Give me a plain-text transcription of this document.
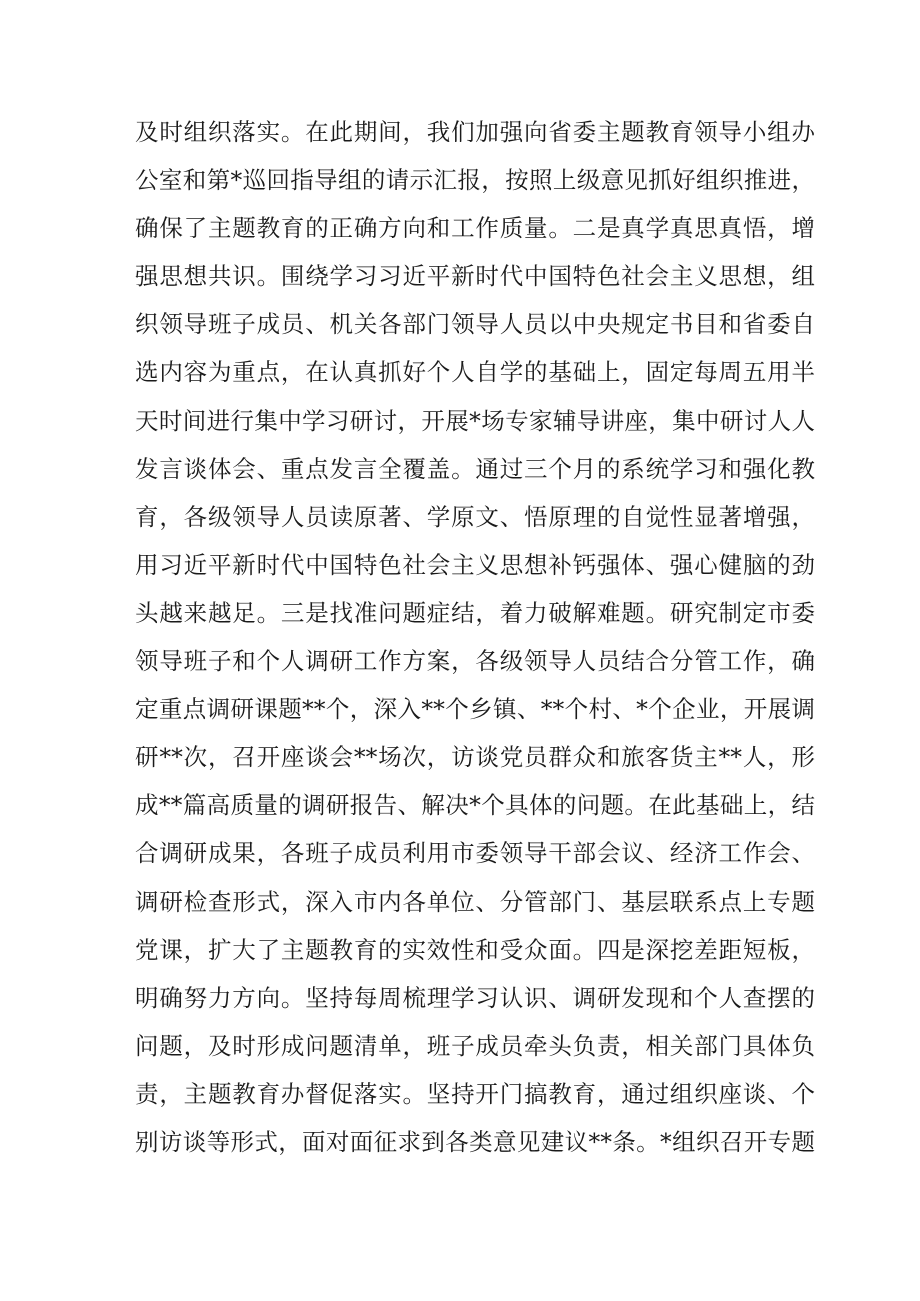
及时组织落实。在此期间，我们加强向省委主题教育领导小组办
公室和第*巡回指导组的请示汇报，按照上级意见抓好组织推进，
确保了主题教育的正确方向和工作质量。二是真学真思真悟，增
强思想共识。围绕学习习近平新时代中国特色社会主义思想，组
织领导班子成员、机关各部门领导人员以中央规定书目和省委自
选内容为重点，在认真抓好个人自学的基础上，固定每周五用半
天时间进行集中学习研讨，开展*场专家辅导讲座，集中研讨人人
发言谈体会、重点发言全覆盖。通过三个月的系统学习和强化教
育，各级领导人员读原著、学原文、悟原理的自觉性显著增强，
用习近平新时代中国特色社会主义思想补钙强体、强心健脑的劲
头越来越足。三是找准问题症结，着力破解难题。研究制定市委
领导班子和个人调研工作方案，各级领导人员结合分管工作，确
定重点调研课题**个，深入**个乡镇、**个村、*个企业，开展调
研**次，召开座谈会**场次，访谈党员群众和旅客货主**人，形
成**篇高质量的调研报告、解决*个具体的问题。在此基础上，结
合调研成果，各班子成员利用市委领导干部会议、经济工作会、
调研检查形式，深入市内各单位、分管部门、基层联系点上专题
党课，扩大了主题教育的实效性和受众面。四是深挖差距短板，
明确努力方向。坚持每周梳理学习认识、调研发现和个人查摆的
问题，及时形成问题清单，班子成员牵头负责，相关部门具体负
责，主题教育办督促落实。坚持开门搞教育，通过组织座谈、个
别访谈等形式，面对面征求到各类意见建议**条。*组织召开专题
